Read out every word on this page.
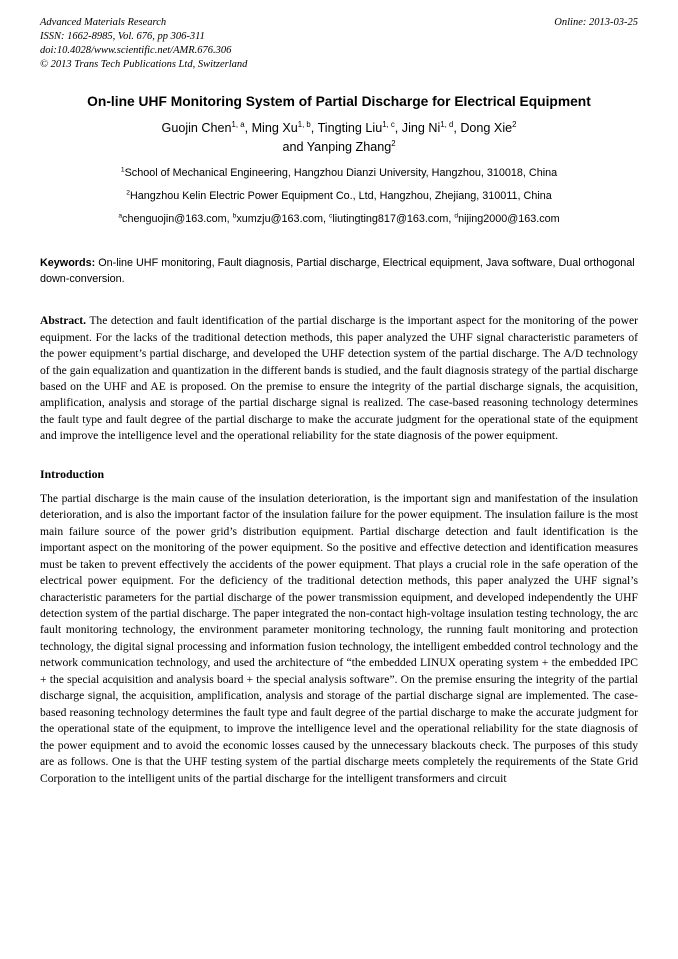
Advanced Materials Research
ISSN: 1662-8985, Vol. 676, pp 306-311
doi:10.4028/www.scientific.net/AMR.676.306
© 2013 Trans Tech Publications Ltd, Switzerland
Online: 2013-03-25
On-line UHF Monitoring System of Partial Discharge for Electrical Equipment
Guojin Chen$^{1, a}$, Ming Xu$^{1, b}$, Tingting Liu$^{1, c}$, Jing Ni$^{1, d}$, Dong Xie$^2$
and Yanping Zhang$^2$
$^1$School of Mechanical Engineering, Hangzhou Dianzi University, Hangzhou, 310018, China
$^2$Hangzhou Kelin Electric Power Equipment Co., Ltd, Hangzhou, Zhejiang, 310011, China
$^a$chenguojin@163.com, $^b$xumzju@163.com, $^c$liutingting817@163.com, $^d$nijing2000@163.com
Keywords: On-line UHF monitoring, Fault diagnosis, Partial discharge, Electrical equipment, Java software, Dual orthogonal down-conversion.
Abstract. The detection and fault identification of the partial discharge is the important aspect for the monitoring of the power equipment. For the lacks of the traditional detection methods, this paper analyzed the UHF signal characteristic parameters of the power equipment’s partial discharge, and developed the UHF detection system of the partial discharge. The A/D technology of the gain equalization and quantization in the different bands is studied, and the fault diagnosis strategy of the partial discharge based on the UHF and AE is proposed. On the premise to ensure the integrity of the partial discharge signals, the acquisition, amplification, analysis and storage of the partial discharge signal is realized. The case-based reasoning technology determines the fault type and fault degree of the partial discharge to make the accurate judgment for the operational state of the equipment and improve the intelligence level and the operational reliability for the state diagnosis of the power equipment.
Introduction
The partial discharge is the main cause of the insulation deterioration, is the important sign and manifestation of the insulation deterioration, and is also the important factor of the insulation failure for the power equipment. The insulation failure is the most main failure source of the power grid’s distribution equipment. Partial discharge detection and fault identification is the important aspect on the monitoring of the power equipment. So the positive and effective detection and identification measures must be taken to prevent effectively the accidents of the power equipment. That plays a crucial role in the safe operation of the electrical power equipment. For the deficiency of the traditional detection methods, this paper analyzed the UHF signal’s characteristic parameters for the partial discharge of the power transmission equipment, and developed independently the UHF detection system of the partial discharge. The paper integrated the non-contact high-voltage insulation testing technology, the arc fault monitoring technology, the environment parameter monitoring technology, the running fault monitoring and protection technology, the digital signal processing and information fusion technology, the intelligent embedded control technology and the network communication technology, and used the architecture of “the embedded LINUX operating system + the embedded IPC + the special acquisition and analysis board + the special analysis software”. On the premise ensuring the integrity of the partial discharge signal, the acquisition, amplification, analysis and storage of the partial discharge signal are implemented. The case-based reasoning technology determines the fault type and fault degree of the partial discharge to make the accurate judgment for the operational state of the equipment, to improve the intelligence level and the operational reliability for the state diagnosis of the power equipment and to avoid the economic losses caused by the unnecessary blackouts check. The purposes of this study are as follows. One is that the UHF testing system of the partial discharge meets completely the requirements of the State Grid Corporation to the intelligent units of the partial discharge for the intelligent transformers and circuit
